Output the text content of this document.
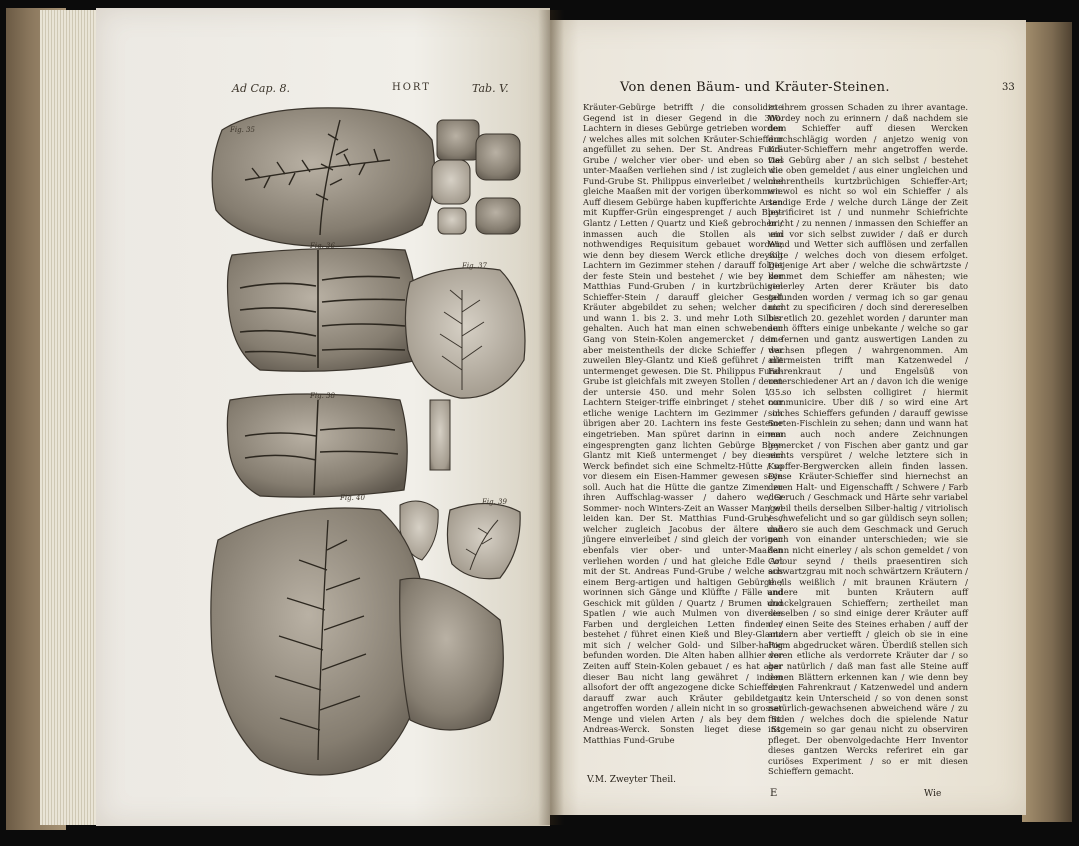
Ad Cap. 8.	HORT	Tab. V.
Fig. 35
Fig. 36
Fig. 37
Fig. 38
Fig. 39
Fig. 40
Von denen Bäum- und Kräuter-Steinen.	33

Kräuter-Gebürge betrifft / die consolidirte Gegend ist in dieser Gegend in die 300. Lachtern in dieses Gebürge getrieben worden / welches alles mit solchen Kräuter-Schieffern angefüllet zu sehen. Der St. Andreas Fund-Grube / welcher vier ober- und eben so viel unter-Maaßen verliehen sind / ist zugleich die Fund-Grube St. Philippus einverleibet / welche gleiche Maaßen mit der vorigen überkommen. Auff diesem Gebürge haben kupfferichte Arten mit Kupffer-Grün eingesprenget / auch Bley-Glantz / Letten / Quartz und Kieß gebrochen / inmassen auch die Stollen als ein nothwendiges Requisitum gebauet worden; wie denn bey diesem Werck etliche dreyßig Lachtern im Gezimmer stehen / darauff folget der feste Stein und bestehet / wie bey der Matthias Fund-Gruben / in kurtzbrüchigen Schieffer-Stein / darauff gleicher Gestalt Kräuter abgebildet zu sehen; welcher dann und wann 1. bis 2. 3. und mehr Loth Silber gehalten. Auch hat man einen schwebenden Gang von Stein-Kolen angemercket / deme aber meistentheils der dicke Schieffer / der zuweilen Bley-Glantz und Kieß geführet / mit untermenget gewesen. Die St. Philippus Fund-Grube ist gleichfals mit zweyen Stollen / deren der untersie 450. und mehr Solen 135. Lachtern Steiger-triffe einbringet / stehet nur etliche wenige Lachtern im Gezimmer / im übrigen aber 20. Lachtern ins feste Gesteine eingetrieben. Man spüret darinn in einem eingesprengten ganz lichten Gebürge Bley-Glantz mit Kieß untermenget / bey diesem Werck befindet sich eine Schmeltz-Hütte / so vor diesem ein Eisen-Hammer gewesen seyn soll. Auch hat die Hütte die gantze Zimen zu ihren Auffschlag-wasser / dahero weder Sommer- noch Winters-Zeit an Wasser Mangel leiden kan. Der St. Matthias Fund-Grube / welcher zugleich Jacobus der ältere und jüngere einverleibet / sind gleich der vorigen ebenfals vier ober- und unter-Maaßen verliehen worden / und hat gleiche Edle Art mit der St. Andreas Fund-Grube / welche aus einem Berg-artigen und haltigen Gebürge / worinnen sich Gänge und Klüffte / Fälle und Geschick mit gülden / Quartz / Brumen und Spatlen / wie auch Mulmen von diversen Farben und dergleichen Letten finden / bestehet / führet einen Kieß und Bley-Glantz mit sich / welcher Gold- und Silber-haltig befunden worden. Die Alten haben allhier vor Zeiten auff Stein-Kolen gebauet / es hat aber dieser Bau nicht lang gewähret / indem allsofort der offt angezogene dicke Schieffer / darauff zwar auch Kräuter gebildet / angetroffen worden / allein nicht in so grosser Menge und vielen Arten / als bey dem St. Andreas-Werck. Sonsten lieget diese St. Matthias Fund-Grube

zu ihrem grossen Schaden zu ihrer avantage. Wordey noch zu erinnern / daß nachdem sie dem Schieffer auff diesen Wercken durchschlägig worden / anjetzo wenig von Kräuter-Schieffern mehr angetroffen werde. Das Gebürg aber / an sich selbst / bestehet wie oben gemeldet / aus einer ungleichen und mehrentheils kurtzbrüchigen Schieffer-Art; wiewol es nicht so wol ein Schieffer / als sandige Erde / welche durch Länge der Zeit petrificiret ist / und nunmehr Schiefrichte bricht / zu nennen / inmassen den Schieffer an und vor sich selbst zuwider / daß er durch Wind und Wetter sich aufflösen und zerfallen solte / welches doch von diesem erfolget. Diejenige Art aber / welche die schwärtzste / kommet dem Schieffer am nähesten; wie vielerley Arten derer Kräuter bis dato gefunden worden / vermag ich so gar genau nicht zu specificiren / doch sind derereselben bis etlich 20. gezehlet worden / darunter man auch öffters einige unbekante / welche so gar in fernen und gantz auswertigen Landen zu wachsen pflegen / wahrgenommen. Am allermeisten trifft man Katzenwedel / Fahrenkraut / und Engelsüß von unterschiedener Art an / davon ich die wenige / so ich selbsten colligiret / hiermit communicire. Uber diß / so wird eine Art solches Schieffers gefunden / darauff gewisse Sorten-Fischlein zu sehen; dann und wann hat man auch noch andere Zeichnungen gemercket / von Fischen aber gantz und gar nichts verspüret / welche letztere sich in Kupffer-Bergwercken allein finden lassen. Diese Kräuter-Schieffer sind hiernechst an deren Halt- und Eigenschafft / Schwere / Farb / Geruch / Geschmack und Härte sehr variabel / weil theils derselben Silber-haltig / vitriolisch / schwefelicht und so gar güldisch seyn sollen; daherο sie auch dem Geschmack und Geruch nach von einander unterschieden; wie sie dann nicht einerley / als schon gemeldet / von Colour seynd / theils praesentiren sich schwartzgrau mit noch schwärtzern Kräutern / theils weißlich / mit braunen Kräutern / andere mit bunten Kräutern auff dunckelgrauen Schieffern; zertheilet man dieselben / so sind einige derer Kräuter auff der einen Seite des Steines erhaben / auff der andern aber vertiefft / gleich ob sie in eine Form abgedrucket wären. Überdiß stellen sich deren etliche als verdorrete Kräuter dar / so gar natürlich / daß man fast alle Steine auff denen Blättern erkennen kan / wie denn bey denen Fahrenkraut / Katzenwedel und andern gantz kein Unterscheid / so von denen sonst natürlich-gewachsenen abweichend wäre / zu finden / welches doch die spielende Natur insgemein so gar genau nicht zu observiren pfleget. Der obenvolgedachte Herr Inventor dieses gantzen Wercks referiret ein gar curiöses Experiment / so er mit diesen Schieffern gemacht.

V.M. Zweyter Theil.
E	Wie
